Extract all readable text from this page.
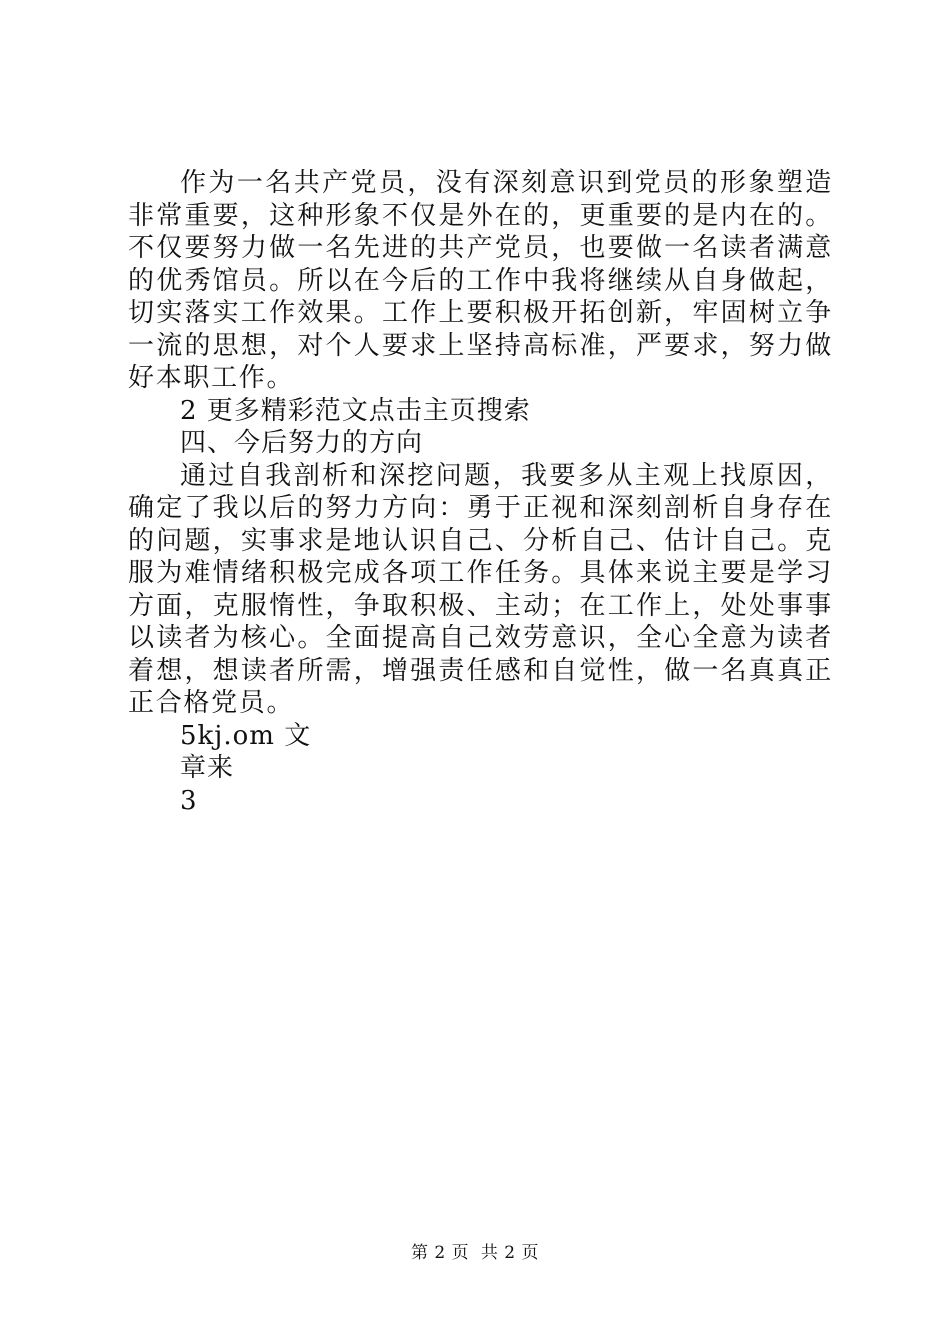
作为一名共产党员，没有深刻意识到党员的形象塑造非常重要，这种形象不仅是外在的，更重要的是内在的。不仅要努力做一名先进的共产党员，也要做一名读者满意的优秀馆员。所以在今后的工作中我将继续从自身做起，切实落实工作效果。工作上要积极开拓创新，牢固树立争一流的思想，对个人要求上坚持高标准，严要求，努力做好本职工作。

2 更多精彩范文点击主页搜索

四、今后努力的方向

通过自我剖析和深挖问题，我要多从主观上找原因，确定了我以后的努力方向：勇于正视和深刻剖析自身存在的问题，实事求是地认识自己、分析自己、估计自己。克服为难情绪积极完成各项工作任务。具体来说主要是学习方面，克服惰性，争取积极、主动；在工作上，处处事事以读者为核心。全面提高自己效劳意识，全心全意为读者着想，想读者所需，增强责任感和自觉性，做一名真真正正合格党员。

5kj.om 文

章来

3

第 2 页 共 2 页
